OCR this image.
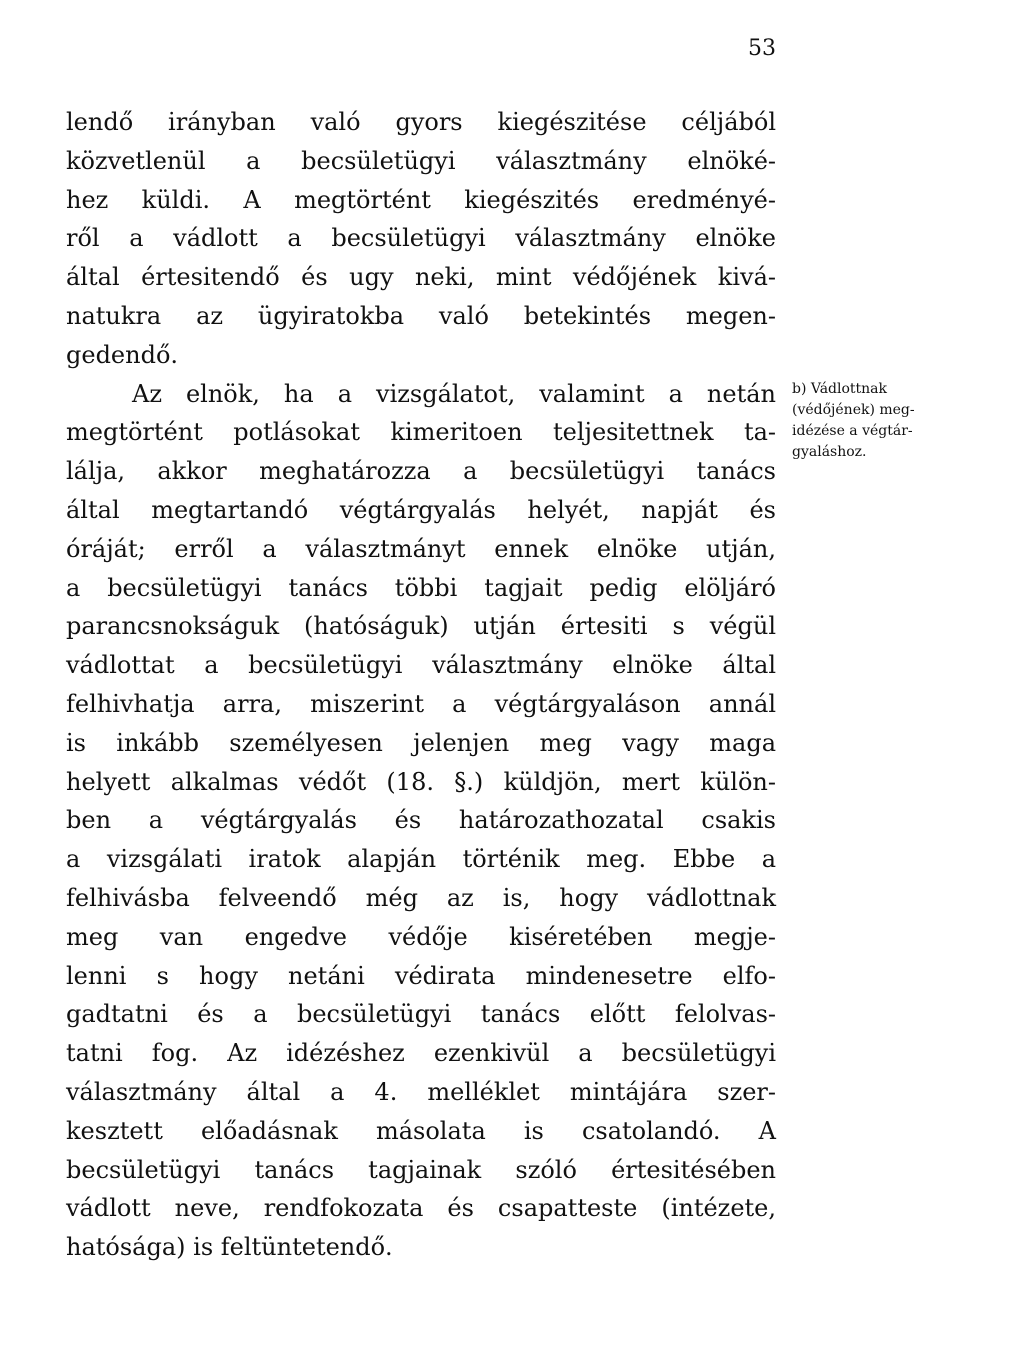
53
lendő irányban való gyors kiegészitése céljából
közvetlenül a becsületügyi választmány elnöké-
hez küldi. A megtörtént kiegészités eredményé-
ről a vádlott a becsületügyi választmány elnöke
által értesitendő és ugy neki, mint védőjének kivá-
natukra az ügyiratokba való betekintés megen-
gedendő.
Az elnök, ha a vizsgálatot, valamint a netán
megtörtént potlásokat kimeritoen teljesitettnek ta-
lálja, akkor meghatározza a becsületügyi tanács
által megtartandó végtárgyalás helyét, napját és
óráját; erről a választmányt ennek elnöke utján,
a becsületügyi tanács többi tagjait pedig elöljáró
parancsnokságuk (hatóságuk) utján értesiti s végül
vádlottat a becsületügyi választmány elnöke által
felhivhatja arra, miszerint a végtárgyaláson annál
is inkább személyesen jelenjen meg vagy maga
helyett alkalmas védőt (18. §.) küldjön, mert külön-
ben a végtárgyalás és határozathozatal csakis
a vizsgálati iratok alapján történik meg. Ebbe a
felhivásba felveendő még az is, hogy vádlottnak
meg van engedve védője kiséretében megje-
lenni s hogy netáni védirata mindenesetre elfo-
gadtatni és a becsületügyi tanács előtt felolvas-
tatni fog. Az idézéshez ezenkivül a becsületügyi
választmány által a 4. melléklet mintájára szer-
kesztett előadásnak másolata is csatolandó. A
becsületügyi tanács tagjainak szóló értesitésében
vádlott neve, rendfokozata és csapatteste (intézete,
hatósága) is feltüntetendő.
b) Vádlottnak
(védőjének) meg-
idézése a végtár-
gyaláshoz.
